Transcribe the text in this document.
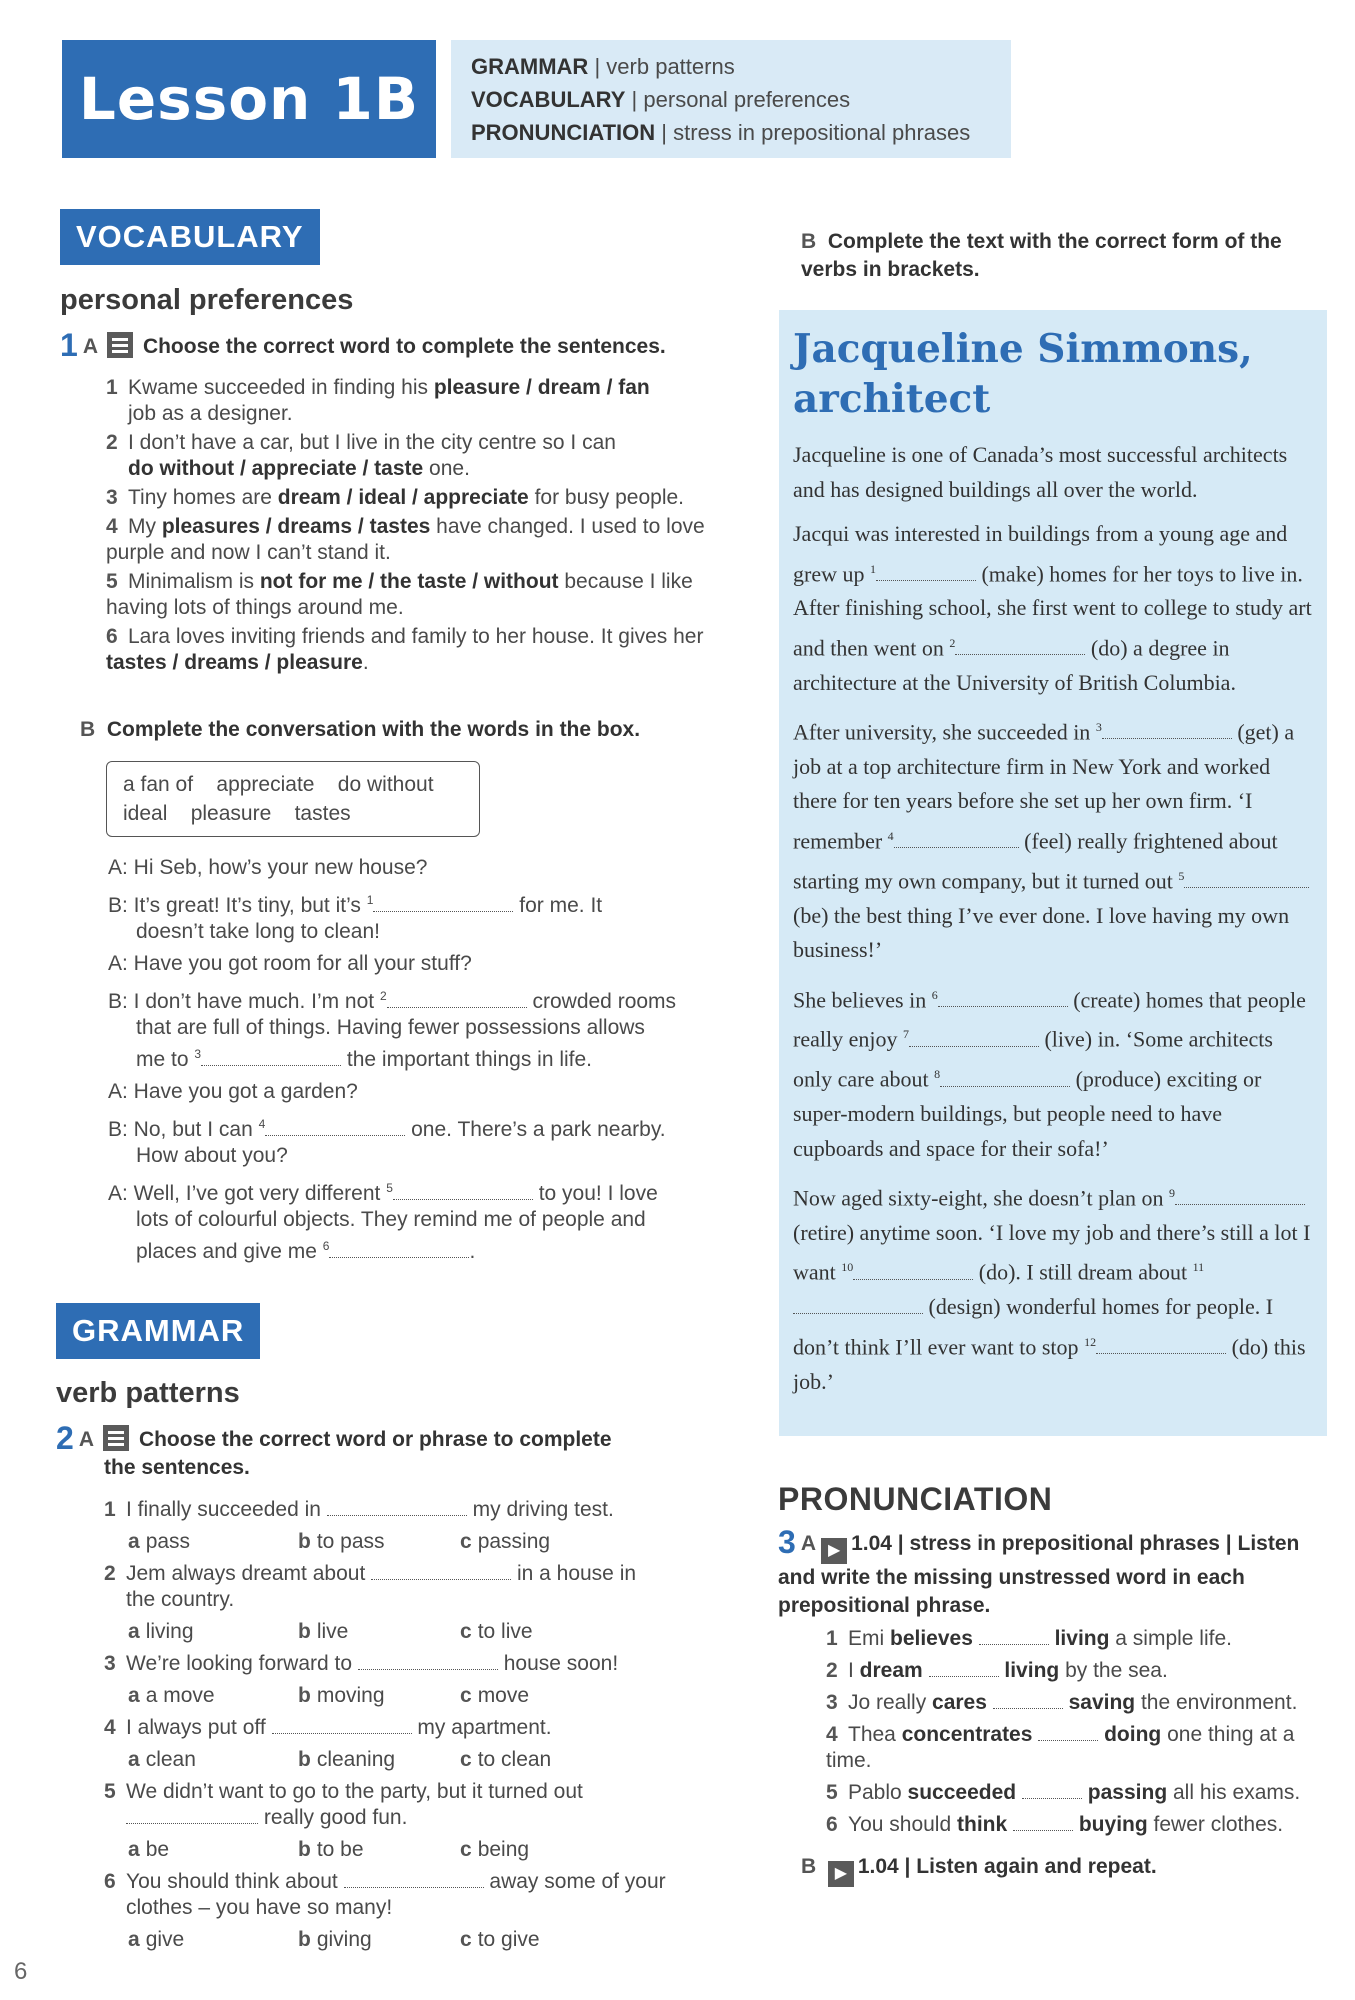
Lesson 1B	GRAMMAR | verb patterns
VOCABULARY | personal preferences
PRONUNCIATION | stress in prepositional phrases
VOCABULARY
personal preferences
1 A Choose the correct word to complete the sentences.
1 Kwame succeeded in finding his pleasure / dream / fan
job as a designer.
2 I don’t have a car, but I live in the city centre so I can
do without / appreciate / taste one.
3 Tiny homes are dream / ideal / appreciate for busy people.
4 My pleasures / dreams / tastes have changed. I used to love purple and now I can’t stand it.
5 Minimalism is not for me / the taste / without because I like having lots of things around me.
6 Lara loves inviting friends and family to her house. It gives her tastes / dreams / pleasure.
B Complete the conversation with the words in the box.
a fan of    appreciate    do without
ideal    pleasure    tastes
A: Hi Seb, how’s your new house?
B: It’s great! It’s tiny, but it’s $^1$	for me. It
doesn’t take long to clean!
A: Have you got room for all your stuff?
B: I don’t have much. I’m not $^2$	crowded rooms
that are full of things. Having fewer possessions allows
me to $^3$	the important things in life.
A: Have you got a garden?
B: No, but I can $^4$	one. There’s a park nearby.
How about you?
A: Well, I’ve got very different $^5$	to you! I love
lots of colourful objects. They remind me of people and
places and give me $^6$	.
GRAMMAR
verb patterns
2 A Choose the correct word or phrase to complete
the sentences.
1 I finally succeeded in	my driving test.
a pass	b to pass	c passing
2 Jem always dreamt about	in a house in
the country.
a living	b live	c to live
3 We’re looking forward to	house soon!
a a move	b moving	c move
4 I always put off	my apartment.
a clean	b cleaning	c to clean
5 We didn’t want to go to the party, but it turned out
really good fun.
a be	b to be	c being
6 You should think about	away some of your
clothes – you have so many!
a give	b giving	c to give
B Complete the text with the correct form of the verbs in brackets.
Jacqueline Simmons, architect

Jacqueline is one of Canada’s most successful architects and has designed buildings all over the world.

Jacqui was interested in buildings from a young age and grew up $^1$	(make) homes for her toys to live in. After finishing school, she first went to college to study art and then went on $^2$	(do) a degree in architecture at the University of British Columbia.

After university, she succeeded in $^3$	(get) a job at a top architecture firm in New York and worked there for ten years before she set up her own firm. ‘I remember $^4$	(feel) really frightened about starting my own company, but it turned out $^5$ (be) the best thing I’ve ever done. I love having my own business!’

She believes in $^6$	(create) homes that people really enjoy $^7$	(live) in. ‘Some architects only care about $^8$	(produce) exciting or super-modern buildings, but people need to have cupboards and space for their sofa!’

Now aged sixty-eight, she doesn’t plan on $^9$ (retire) anytime soon. ‘I love my job and there’s still a lot I want $^{10}$	(do). I still dream about $^{11}$ (design) wonderful homes for people. I don’t think I’ll ever want to stop $^{12}$	(do) this job.’

PRONUNCIATION
3 A ▶ 1.04 | stress in prepositional phrases | Listen and write the missing unstressed word in each prepositional phrase.
1 Emi believes	living a simple life.
2 I dream	living by the sea.
3 Jo really cares	saving the environment.
4 Thea concentrates	doing one thing at a time.
5 Pablo succeeded	passing all his exams.
6 You should think	buying fewer clothes.
B ▶ 1.04 | Listen again and repeat.
6
